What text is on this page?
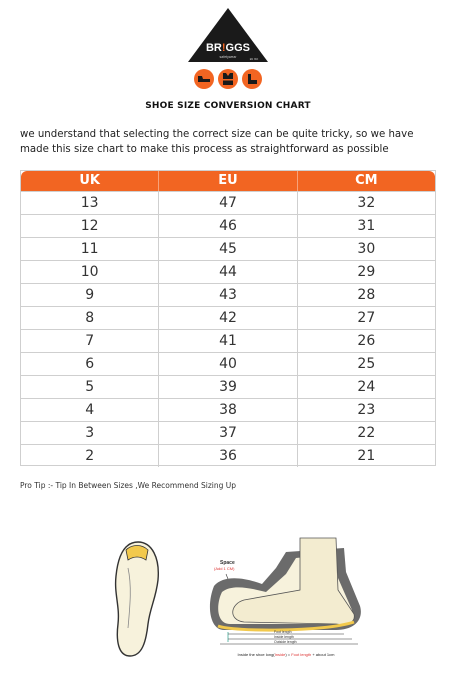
BR!GGS
safetywear
EN ISO
SHOE SIZE CONVERSION CHART
we understand that selecting the correct size can be quite tricky, so we have made this size chart to make this process as straightforward as possible
UK	EU	CM
13	47	32
12	46	31
11	45	30
10	44	29
9	43	28
8	42	27
7	41	26
6	40	25
5	39	24
4	38	23
3	37	22
2	36	21
Pro Tip :- Tip In Between Sizes ,We Recommend Sizing Up
Space
(Add 1 CM)
Foot length
Inside length
Outside length
Inside the shoe long(Inside) = Foot length + about 1cm
